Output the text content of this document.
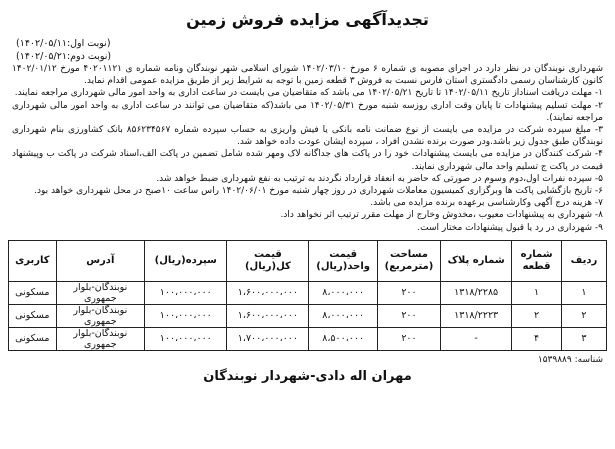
تجدیدآگهی مزایده فروش زمین
(نوبت اول:۱۴۰۲/۰۵/۱۱)
(نوبت دوم:۱۴۰۲/۰۵/۲۱)

شهرداری نوبندگان در نظر دارد در اجرای مصوبه ی شماره ۶ مورخ ۱۴۰۲/۰۳/۱۰ شورای اسلامی شهر نوبندگان ونامه شماره ی ۴۰۲۰۱۱۲۱ مورخ ۱۴۰۲/۰۱/۱۲ کانون کارشناسان رسمی دادگستری استان فارس نسبت به فروش ۳ قطعه زمین با توجه به شرایط زیر از طریق مزایده عمومی اقدام نماید.

۱- مهلت دریافت اسناداز تاریخ ۱۴۰۲/۰۵/۱۱ تا تاریخ ۱۴۰۲/۰۵/۲۱ می باشد که متقاضیان می بایست در ساعت اداری به واحد امور مالی شهرداری مراجعه نمایند.

۲- مهلت تسلیم پیشنهادات تا پایان وقت اداری روزسه شنبه مورخ ۱۴۰۲/۰۵/۳۱ می باشد(که متقاضیان می توانند در ساعت اداری به واحد امور مالی شهرداری مراجعه نمایند).

۳- مبلغ سپرده شرکت در مزایده می بایست از نوع ضمانت نامه بانکی یا فیش واریزی به حساب سپرده شماره ۸۵۶۲۳۴۵۶۷ بانک کشاورزی بنام شهرداری نوبندگان طبق جدول زیر باشد.ودر صورت برنده نشدن افراد ، سپرده ایشان عودت داده خواهد شد.

۴- شرکت کنندگان در مزایده می بایست پیشنهادات خود را در پاکت های جداگانه لاک ومهر شده شامل تضمین در پاکت الف،اسناد شرکت در پاکت ب وپیشنهاد قیمت در پاکت ج تسلیم واحد مالی شهرداری نمایند.

۵- سپرده نفرات اول،دوم وسوم در صورتی که حاضر به انعقاد قرارداد نگردند به ترتیب به نفع شهرداری ضبط خواهد شد.

۶- تاریخ بازگشایی پاکت ها وبرگزاری کمیسیون معاملات شهرداری در روز چهار شنبه مورخ ۱۴۰۲/۰۶/۰۱ راس ساعت ۱۰صبح در محل شهرداری خواهد بود.

۷- هزینه درج آگهی وکارشناسی برعهده برنده مزایده می باشد.

۸- شهرداری به پیشنهادات معیوب ،مخدوش وخارج از مهلت مقرر ترتیب اثر نخواهد داد.

۹- شهرداری در رد یا قبول پیشنهادات مختار است.

ردیف	شماره قطعه	شماره پلاک	مساحت (مترمربع)	قیمت واحد(ریال)	قیمت کل(ریال)	سپرده(ریال)	آدرس	کاربری
۱	۱	۱۳۱۸/۲۲۸۵	۲۰۰	۸،۰۰۰،۰۰۰	۱،۶۰۰،۰۰۰،۰۰۰	۱۰۰،۰۰۰،۰۰۰	نوبندگان-بلوار جمهوری	مسکونی
۲	۲	۱۳۱۸/۲۲۲۳	۲۰۰	۸،۰۰۰،۰۰۰	۱،۶۰۰،۰۰۰،۰۰۰	۱۰۰،۰۰۰،۰۰۰	نوبندگان-بلوار جمهوری	مسکونی
۳	۴	-	۲۰۰	۸،۵۰۰،۰۰۰	۱،۷۰۰،۰۰۰،۰۰۰	۱۰۰،۰۰۰،۰۰۰	نوبندگان-بلوار جمهوری	مسکونی
شناسه: ۱۵۳۹۸۸۹
مهران اله دادی-شهردار نوبندگان
